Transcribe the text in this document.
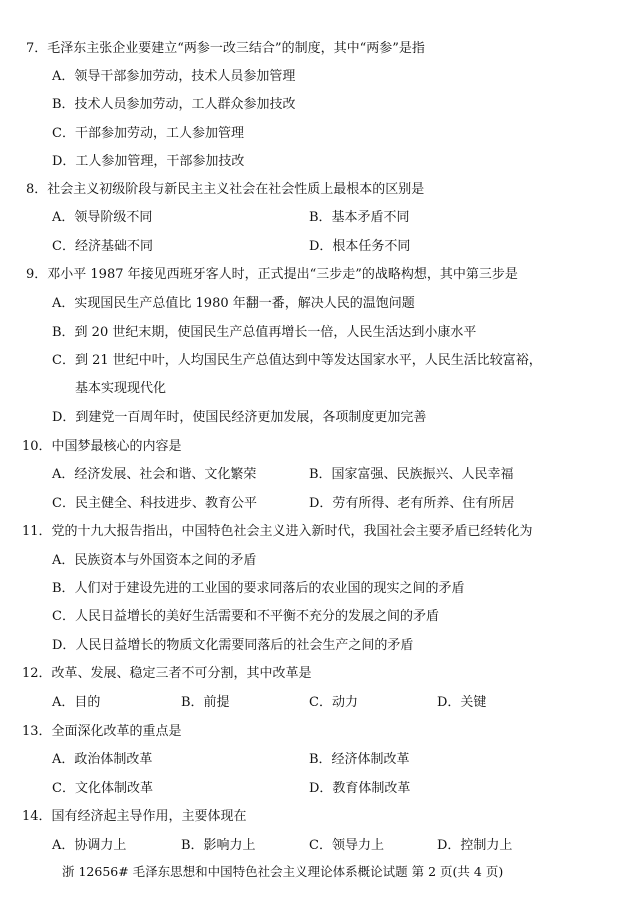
7．毛泽东主张企业要建立“两参一改三结合”的制度，其中“两参”是指
A．领导干部参加劳动，技术人员参加管理
B．技术人员参加劳动，工人群众参加技改
C．干部参加劳动，工人参加管理
D．工人参加管理，干部参加技改
8．社会主义初级阶段与新民主主义社会在社会性质上最根本的区别是
A．领导阶级不同	B．基本矛盾不同
C．经济基础不同	D．根本任务不同
9．邓小平 1987 年接见西班牙客人时，正式提出“三步走”的战略构想，其中第三步是
A．实现国民生产总值比 1980 年翻一番，解决人民的温饱问题
B．到 20 世纪末期，使国民生产总值再增长一倍，人民生活达到小康水平
C．到 21 世纪中叶，人均国民生产总值达到中等发达国家水平，人民生活比较富裕，
基本实现现代化
D．到建党一百周年时，使国民经济更加发展，各项制度更加完善
10．中国梦最核心的内容是
A．经济发展、社会和谐、文化繁荣	B．国家富强、民族振兴、人民幸福
C．民主健全、科技进步、教育公平	D．劳有所得、老有所养、住有所居
11．党的十九大报告指出，中国特色社会主义进入新时代，我国社会主要矛盾已经转化为
A．民族资本与外国资本之间的矛盾
B．人们对于建设先进的工业国的要求同落后的农业国的现实之间的矛盾
C．人民日益增长的美好生活需要和不平衡不充分的发展之间的矛盾
D．人民日益增长的物质文化需要同落后的社会生产之间的矛盾
12．改革、发展、稳定三者不可分割，其中改革是
A．目的	B．前提	C．动力	D．关键
13．全面深化改革的重点是
A．政治体制改革	B．经济体制改革
C．文化体制改革	D．教育体制改革
14．国有经济起主导作用，主要体现在
A．协调力上	B．影响力上	C．领导力上	D．控制力上
浙 12656# 毛泽东思想和中国特色社会主义理论体系概论试题 第 2 页(共 4 页)
